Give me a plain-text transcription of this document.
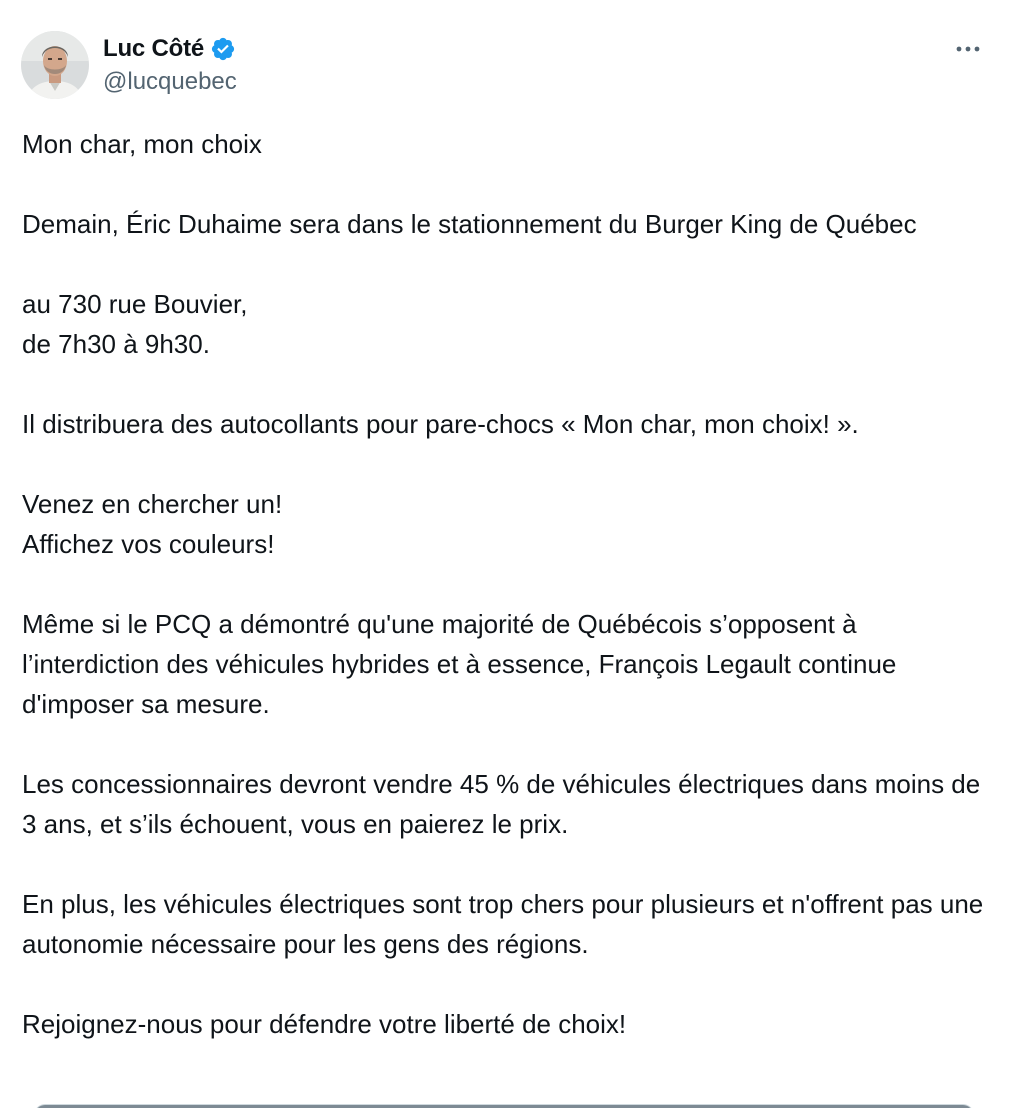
Luc Côté
@lucquebec

Mon char, mon choix

Demain, Éric Duhaime sera dans le stationnement du Burger King de Québec

au 730 rue Bouvier,

de 7h30 à 9h30.

Il distribuera des autocollants pour pare-chocs « Mon char, mon choix! ».

Venez en chercher un!

Affichez vos couleurs!

Même si le PCQ a démontré qu'une majorité de Québécois s’opposent à l’interdiction des véhicules hybrides et à essence, François Legault continue d'imposer sa mesure.

Les concessionnaires devront vendre 45 % de véhicules électriques dans moins de 3 ans, et s’ils échouent, vous en paierez le prix.

En plus, les véhicules électriques sont trop chers pour plusieurs et n'offrent pas une autonomie nécessaire pour les gens des régions.

Rejoignez-nous pour défendre votre liberté de choix!
